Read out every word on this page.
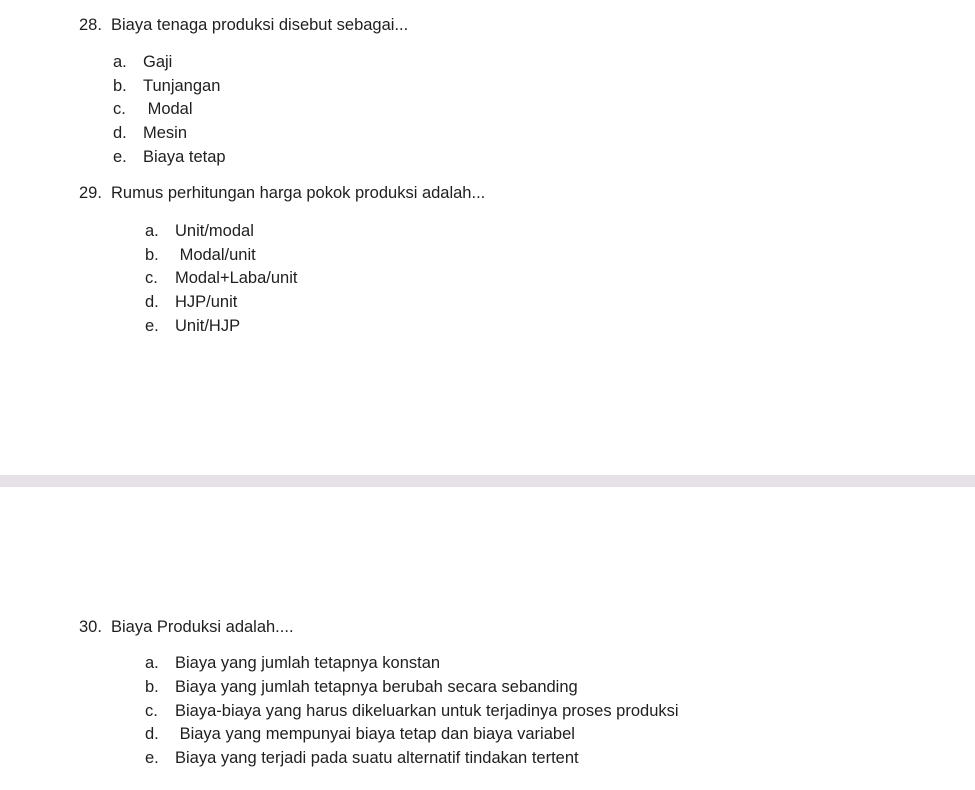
28. Biaya tenaga produksi disebut sebagai...
a. Gaji
b. Tunjangan
c. Modal
d. Mesin
e. Biaya tetap
29. Rumus perhitungan harga pokok produksi adalah...
a. Unit/modal
b. Modal/unit
c. Modal+Laba/unit
d. HJP/unit
e. Unit/HJP
30. Biaya Produksi adalah....
a. Biaya yang jumlah tetapnya konstan
b. Biaya yang jumlah tetapnya berubah secara sebanding
c. Biaya-biaya yang harus dikeluarkan untuk terjadinya proses produksi
d. Biaya yang mempunyai biaya tetap dan biaya variabel
e. Biaya yang terjadi pada suatu alternatif tindakan tertent
